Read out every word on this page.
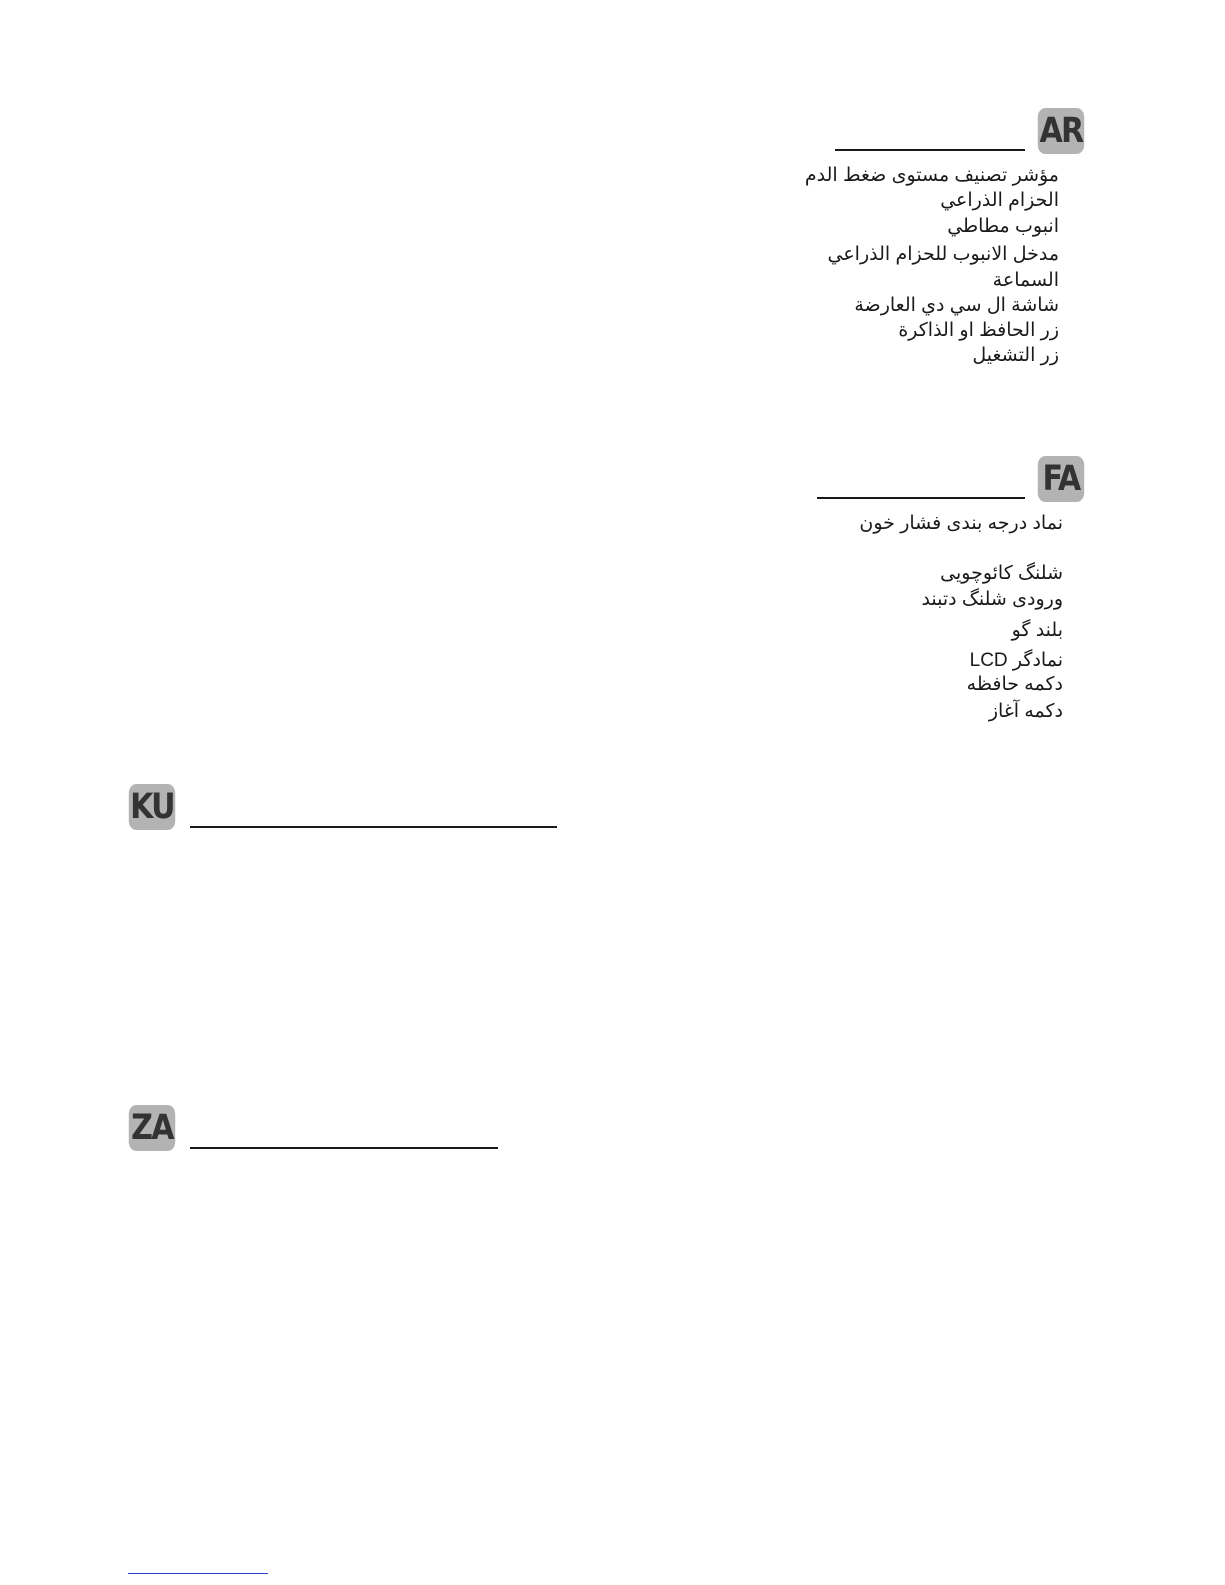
AR
مؤشر تصنيف مستوى ضغط الدم
الحزام الذراعي
انبوب مطاطي
مدخل الانبوب للحزام الذراعي
السماعة
شاشة ال سي دي العارضة
زر الحافظ او الذاكرة
زر التشغيل
FA
نماد درجه بندی فشار خون
شلنگ کائوچویی
ورودی شلنگ دتبند
بلند گو
نمادگر LCD
دکمه حافظه
دکمه آغاز
KU
ZA
